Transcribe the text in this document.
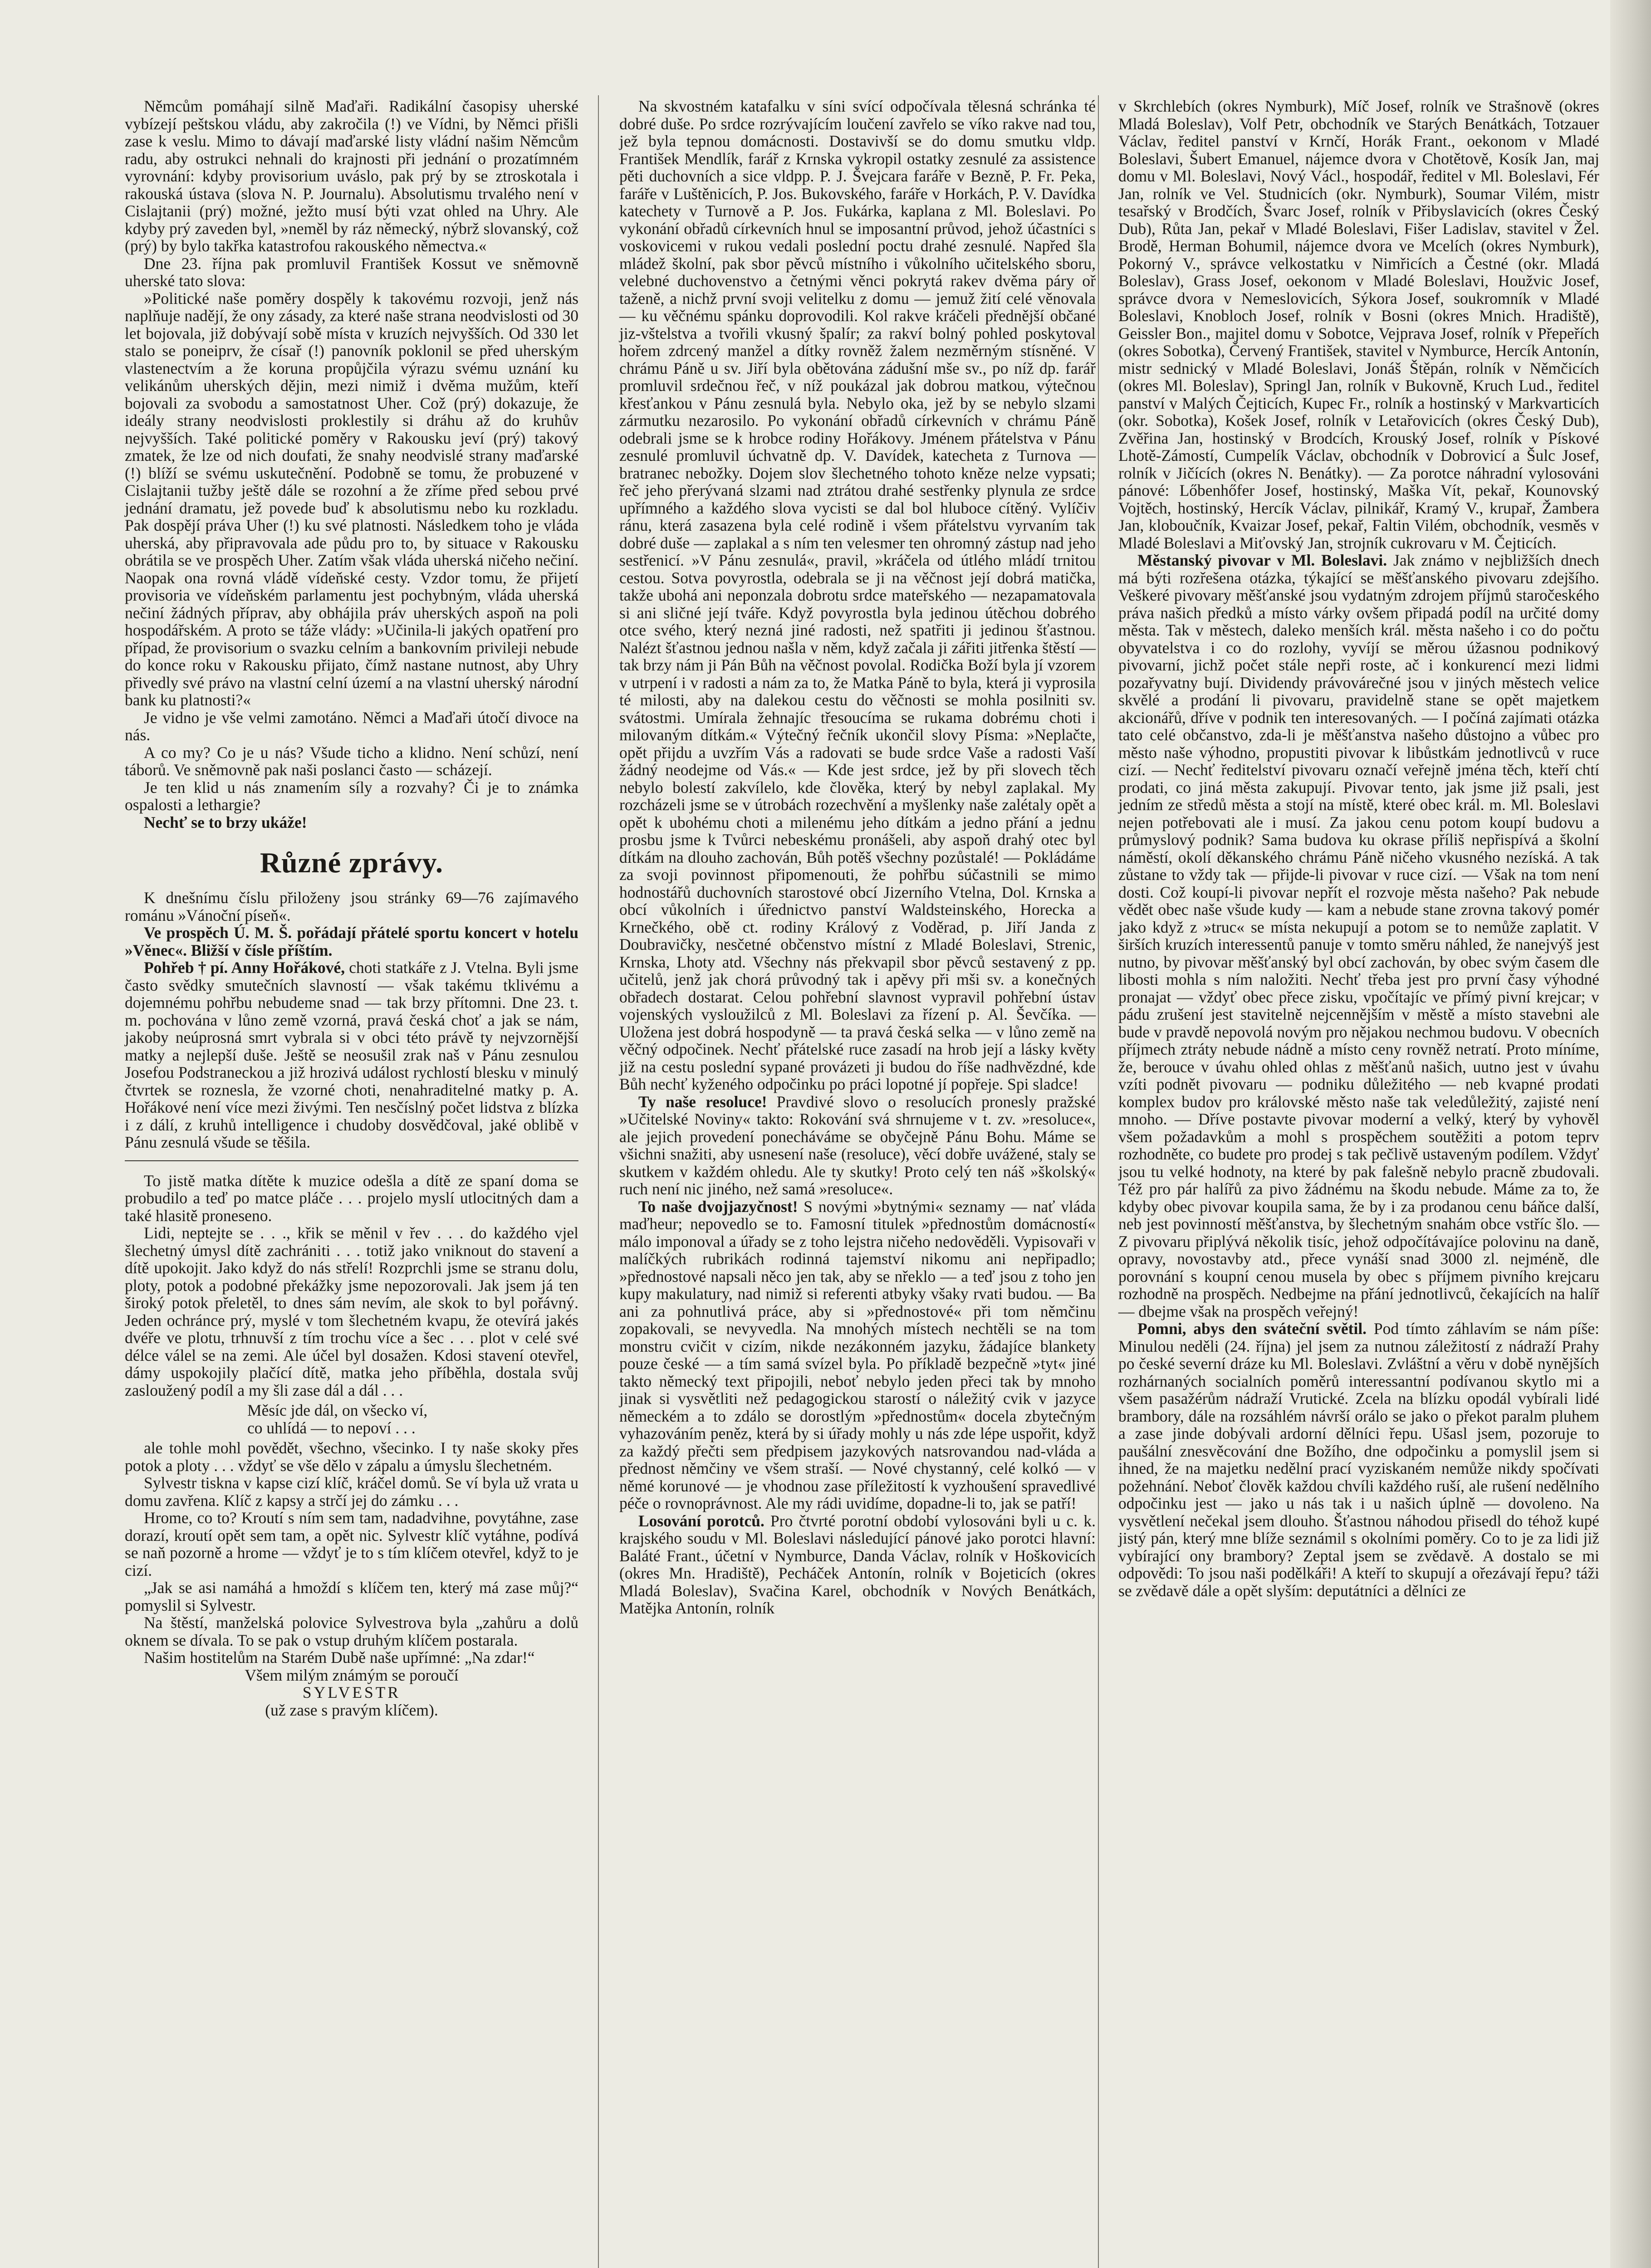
Němcům pomáhají silně Maďaři. Radikální časopisy uherské vybízejí peštskou vládu, aby zakročila (!) ve Vídni, by Němci přišli zase k veslu. Mimo to dávají maďarské listy vládní našim Němcům radu, aby ostrukci nehnali do krajnosti při jednání o prozatímném vyrovnání: kdyby provisorium uváslo, pak prý by se ztroskotala i rakouská ústava (slova N. P. Journalu). Absolutismu trvalého není v Cislajtanii (prý) možné, ježto musí býti vzat ohled na Uhry. Ale kdyby prý zaveden byl, »neměl by ráz německý, nýbrž slovanský, což (prý) by bylo takřka katastrofou rakouského němectva.«

Dne 23. října pak promluvil František Kossut ve sněmovně uherské tato slova:

»Politické naše poměry dospěly k takovému rozvoji, jenž nás naplňuje nadějí, že ony zásady, za které naše strana neodvislosti od 30 let bojovala, již dobývají sobě místa v kruzích nejvyšších. Od 330 let stalo se poneiprv, že císař (!) panovník poklonil se před uherským vlastenectvím a že koruna propůjčila výrazu svému uznání ku velikánům uherských dějin, mezi nimiž i dvěma mužům, kteří bojovali za svobodu a samostatnost Uher. Což (prý) dokazuje, že ideály strany neodvislosti proklestily si dráhu až do kruhův nejvyšších. Také politické poměry v Rakousku jeví (prý) takový zmatek, že lze od nich doufati, že snahy neodvislé strany maďarské (!) blíží se svému uskutečnění. Podobně se tomu, že probuzené v Cislajtanii tužby ještě dále se rozohní a že zříme před sebou prvé jednání dramatu, jež povede buď k absolutismu nebo ku rozkladu. Pak dospějí práva Uher (!) ku své platnosti. Následkem toho je vláda uherská, aby připravovala ade půdu pro to, by situace v Rakousku obrátila se ve prospěch Uher. Zatím však vláda uherská ničeho nečiní. Naopak ona rovná vládě vídeňské cesty. Vzdor tomu, že přijetí provisoria ve vídeňském parlamentu jest pochybným, vláda uherská nečiní žádných příprav, aby obhájila práv uherských aspoň na poli hospodářském. A proto se táže vlády: »Učinila-li jakých opatření pro případ, že provisorium o svazku celním a bankovním privileji nebude do konce roku v Rakousku přijato, čímž nastane nutnost, aby Uhry přivedly své právo na vlastní celní území a na vlastní uherský národní bank ku platnosti?«

Je vidno je vše velmi zamotáno. Němci a Maďaři útočí divoce na nás.

A co my? Co je u nás? Všude ticho a klidno. Není schůzí, není táborů. Ve sněmovně pak naši poslanci často — scházejí.

Je ten klid u nás znamením síly a rozvahy? Či je to známka ospalosti a lethargie?

Nechť se to brzy ukáže!

Různé zprávy.

K dnešnímu číslu přiloženy jsou stránky 69—76 zajímavého románu »Vánoční píseň«.

Ve prospěch Ú. M. Š. pořádají přátelé sportu koncert v hotelu »Věnec«. Bližší v čísle příštím.

Pohřeb † pí. Anny Hořákové, choti statkáře z J. Vtelna. Byli jsme často svědky smutečních slavností — však takému tklivému a dojemnému pohřbu nebudeme snad — tak brzy přítomni. Dne 23. t. m. pochována v lůno země vzorná, pravá česká choť a jak se nám, jakoby neúprosná smrt vybrala si v obci této právě ty nejvzornější matky a nejlepší duše. Ještě se neosušil zrak naš v Pánu zesnulou Josefou Podstraneckou a již hrozivá událost rychlostí blesku v minulý čtvrtek se roznesla, že vzorné choti, nenahraditelné matky p. A. Hořákové není více mezi živými. Ten nesčíslný počet lidstva z blízka i z dálí, z kruhů intelligence i chudoby dosvědčoval, jaké oblibě v Pánu zesnulá všude se těšila.

To jistě matka dítěte k muzice odešla a dítě ze spaní doma se probudilo a teď po matce pláče . . . projelo myslí utlocitných dam a také hlasitě proneseno.

Lidi, neptejte se . . ., křik se měnil v řev . . . do každého vjel šlechetný úmysl dítě zachrániti . . . totiž jako vniknout do stavení a dítě upokojit. Jako když do nás střelí! Rozprchli jsme se stranu dolu, ploty, potok a podobné překážky jsme nepozorovali. Jak jsem já ten široký potok přeletěl, to dnes sám nevím, ale skok to byl pořávný. Jeden ochránce prý, myslé v tom šlechetném kvapu, že otevírá jakés dvéře ve plotu, trhnuvší z tím trochu více a šec . . . plot v celé své délce válel se na zemi. Ale účel byl dosažen. Kdosi stavení otevřel, dámy uspokojily plačící dítě, matka jeho příběhla, dostala svůj zasloužený podíl a my šli zase dál a dál . . .

Měsíc jde dál, on všecko ví,
co uhlídá — to nepoví . . .

ale tohle mohl povědět, všechno, všecinko. I ty naše skoky přes potok a ploty . . . vždyť se vše dělo v zápalu a úmyslu šlechetném.

Sylvestr tiskna v kapse cizí klíč, kráčel domů. Se ví byla už vrata u domu zavřena. Klíč z kapsy a strčí jej do zámku . . .

Hrome, co to? Kroutí s ním sem tam, nadadvihne, povytáhne, zase dorazí, kroutí opět sem tam, a opět nic. Sylvestr klíč vytáhne, podívá se naň pozorně a hrome — vždyť je to s tím klíčem otevřel, když to je cizí.

„Jak se asi namáhá a hmoždí s klíčem ten, který má zase můj?“ pomyslil si Sylvestr.

Na štěstí, manželská polovice Sylvestrova byla „zahůru a dolů oknem se dívala. To se pak o vstup druhým klíčem postarala.

Našim hostitelům na Starém Dubě naše upřímné: „Na zdar!“

Všem milým známým se poroučí

SYLVESTR

(už zase s pravým klíčem).

Na skvostném katafalku v síni svící odpočívala tělesná schránka té dobré duše. Po srdce rozrývajícím loučení zavřelo se víko rakve nad tou, jež byla tepnou domácnosti. Dostavivší se do domu smutku vldp. František Mendlík, farář z Krnska vykropil ostatky zesnulé za assistence pěti duchovních a sice vldpp. P. J. Švejcara faráře v Bezně, P. Fr. Peka, faráře v Luštěnicích, P. Jos. Bukovského, faráře v Horkách, P. V. Davídka katechety v Turnově a P. Jos. Fukárka, kaplana z Ml. Boleslavi. Po vykonání obřadů církevních hnul se imposantní průvod, jehož účastníci s voskovicemi v rukou vedali poslední poctu drahé zesnulé. Napřed šla mládež školní, pak sbor pěvců místního i vůkolního učitelského sboru, velebné duchovenstvo a četnými věnci pokrytá rakev dvěma páry oř taženě, a nichž první svoji velitelku z domu — jemuž žití celé věnovala — ku věčnému spánku doprovodili. Kol rakve kráčeli přednější občané jiz-vštelstva a tvořili vkusný špalír; za rakví bolný pohled poskytoval hořem zdrcený manžel a dítky rovněž žalem nezměrným stísněné. V chrámu Páně u sv. Jiří byla obětována zádušní mše sv., po níž dp. farář promluvil srdečnou řeč, v níž poukázal jak dobrou matkou, výtečnou křesťankou v Pánu zesnulá byla. Nebylo oka, jež by se nebylo slzami zármutku nezarosilo. Po vykonání obřadů církevních v chrámu Páně odebrali jsme se k hrobce rodiny Hořákovy. Jménem přátelstva v Pánu zesnulé promluvil úchvatně dp. V. Davídek, katecheta z Turnova — bratranec nebožky. Dojem slov šlechetného tohoto kněze nelze vypsati; řeč jeho přerývaná slzami nad ztrátou drahé sestřenky plynula ze srdce upřímného a každého slova vycisti se dal bol hluboce cítěný. Vylíčiv ránu, která zasazena byla celé rodině i všem přátelstvu vyrvaním tak dobré duše — zaplakal a s ním ten velesmer ten ohromný zástup nad jeho sestřenicí. »V Pánu zesnulá«, pravil, »kráčela od útlého mládí trnitou cestou. Sotva povyrostla, odebrala se ji na věčnost její dobrá matička, takže ubohá ani neponzala dobrotu srdce mateřského — nezapamatovala si ani sličné její tváře. Když povyrostla byla jedinou útěchou dobrého otce svého, který nezná jiné radosti, než spatřiti ji jedinou šťastnou. Nalézt šťastnou jednou našla v něm, když začala ji zářiti jitřenka štěstí — tak brzy nám ji Pán Bůh na věčnost povolal. Rodička Boží byla jí vzorem v utrpení i v radosti a nám za to, že Matka Páně to byla, která ji vyprosila té milosti, aby na dalekou cestu do věčnosti se mohla posilniti sv. svátostmi. Umírala žehnajíc třesoucíma se rukama dobrému choti i milovaným dítkám.« Výtečný řečník ukončil slovy Písma: »Neplačte, opět přijdu a uvzřím Vás a radovati se bude srdce Vaše a radosti Vaší žádný neodejme od Vás.« — Kde jest srdce, jež by při slovech těch nebylo bolestí zakvílelo, kde člověka, který by nebyl zaplakal. My rozcházeli jsme se v útrobách rozechvění a myšlenky naše zalétaly opět a opět k ubohému choti a milenému jeho dítkám a jedno přání a jednu prosbu jsme k Tvůrci nebeskému pronášeli, aby aspoň drahý otec byl dítkám na dlouho zachován, Bůh potěš všechny pozůstalé! — Pokládáme za svoji povinnost připomenouti, že pohřbu súčastnili se mimo hodnostářů duchovních starostové obcí Jizerního Vtelna, Dol. Krnska a obcí vůkolních i úřednictvo panství Waldsteinského, Horecka a Krnečkého, obě ct. rodiny Králový z Voděrad, p. Jiří Janda z Doubravičky, nesčetné občenstvo místní z Mladé Boleslavi, Strenic, Krnska, Lhoty atd. Všechny nás překvapil sbor pěvců sestavený z pp. učitelů, jenž jak chorá průvodný tak i apěvy při mši sv. a konečných obřadech dostarat. Celou pohřební slavnost vypravil pohřební ústav vojenských vysloužilců z Ml. Boleslavi za řízení p. Al. Ševčíka. — Uložena jest dobrá hospodyně — ta pravá česká selka — v lůno země na věčný odpočinek. Nechť přátelské ruce zasadí na hrob její a lásky květy již na cestu poslední sypané provázeti ji budou do říše nadhvězdné, kde Bůh nechť kyženého odpočinku po práci lopotné jí popřeje. Spi sladce!

Ty naše resoluce! Pravdivé slovo o resolucích pronesly pražské »Učitelské Noviny« takto: Rokování svá shrnujeme v t. zv. »resoluce«, ale jejich provedení ponecháváme se obyčejně Pánu Bohu. Máme se všichni snažiti, aby usnesení naše (resoluce), věcí dobře uvážené, staly se skutkem v každém ohledu. Ale ty skutky! Proto celý ten náš »školský« ruch není nic jiného, než samá »resoluce«.

To naše dvojjazyčnost! S novými »bytnými« seznamy — nať vláda maďheur; nepovedlo se to. Famosní titulek »přednostům domácností« málo imponoval a úřady se z toho lejstra ničeho nedověděli. Vypisovaři v malíčkých rubrikách rodinná tajemství nikomu ani nepřipadlo; »přednostové napsali něco jen tak, aby se nřeklo — a teď jsou z toho jen kupy makulatury, nad nimiž si referenti atbyky všaky rvati budou. — Ba ani za pohnutlivá práce, aby si »přednostové« při tom němčinu zopakovali, se nevyvedla. Na mnohých místech nechtěli se na tom monstru cvičit v cizím, nikde nezákonném jazyku, žádajíce blankety pouze české — a tím samá svízel byla. Po příkladě bezpečně »tyt« jiné takto německý text připojili, neboť nebylo jeden přeci tak by mnoho jinak si vysvětliti než pedagogickou starostí o náležitý cvik v jazyce německém a to zdálo se dorostlým »přednostům« docela zbytečným vyhazováním peněz, která by si úřady mohly u nás zde lépe uspořit, když za každý přečti sem předpisem jazykových natsrovandou nad-vláda a přednost němčiny ve všem straší. — Nové chystanný, celé kolkó — v němé korunové — je vhodnou zase příležitostí k vyzhoušení spravedlivé péče o rovnoprávnost. Ale my rádi uvidíme, dopadne-li to, jak se patří!

Losování porotců. Pro čtvrté porotní období vylosováni byli u c. k. krajského soudu v Ml. Boleslavi následující pánové jako porotci hlavní: Baláté Frant., účetní v Nymburce, Danda Václav, rolník v Hoškovicích (okres Mn. Hradiště), Pecháček Antonín, rolník v Bojeticích (okres Mladá Boleslav), Svačina Karel, obchodník v Nových Benátkách, Matějka Antonín, rolník

v Skrchlebích (okres Nymburk), Míč Josef, rolník ve Strašnově (okres Mladá Boleslav), Volf Petr, obchodník ve Starých Benátkách, Totzauer Václav, ředitel panství v Krnčí, Horák Frant., oekonom v Mladé Boleslavi, Šubert Emanuel, nájemce dvora v Chotětově, Kosík Jan, maj domu v Ml. Boleslavi, Nový Václ., hospodář, ředitel v Ml. Boleslavi, Fér Jan, rolník ve Vel. Studnicích (okr. Nymburk), Soumar Vilém, mistr tesařský v Brodčích, Švarc Josef, rolník v Přibyslavicích (okres Český Dub), Růta Jan, pekař v Mladé Boleslavi, Fišer Ladislav, stavitel v Žel. Brodě, Herman Bohumil, nájemce dvora ve Mcelích (okres Nymburk), Pokorný V., správce velkostatku v Nimřicích a Čestné (okr. Mladá Boleslav), Grass Josef, oekonom v Mladé Boleslavi, Houžvic Josef, správce dvora v Nemeslovicích, Sýkora Josef, soukromník v Mladé Boleslavi, Knobloch Josef, rolník v Bosni (okres Mnich. Hradiště), Geissler Bon., majitel domu v Sobotce, Vejprava Josef, rolník v Přepeřích (okres Sobotka), Červený František, stavitel v Nymburce, Hercík Antonín, mistr sednický v Mladé Boleslavi, Jonáš Štěpán, rolník v Němčicích (okres Ml. Boleslav), Springl Jan, rolník v Bukovně, Kruch Lud., ředitel panství v Malých Čejticích, Kupec Fr., rolník a hostinský v Markvarticích (okr. Sobotka), Košek Josef, rolník v Letařovicích (okres Český Dub), Zvěřina Jan, hostinský v Brodcích, Krouský Josef, rolník v Pískové Lhotě-Zámostí, Cumpelík Václav, obchodník v Dobrovicí a Šulc Josef, rolník v Jičících (okres N. Benátky). — Za porotce náhradní vylosováni pánové: Lőbenhőfer Josef, hostinský, Maška Vít, pekař, Kounovský Vojtěch, hostinský, Hercík Václav, pilnikář, Kramý V., krupař, Žambera Jan, kloboučník, Kvaizar Josef, pekař, Faltin Vilém, obchodník, vesměs v Mladé Boleslavi a Miťovský Jan, strojník cukrovaru v M. Čejticích.

Městanský pivovar v Ml. Boleslavi. Jak známo v nejbližších dnech má býti rozřešena otázka, týkající se měšťanského pivovaru zdejšího. Veškeré pivovary měšťanské jsou vydatným zdrojem příjmů staročeského práva našich předků a místo várky ovšem připadá podíl na určité domy města. Tak v městech, daleko menších král. města našeho i co do počtu obyvatelstva i co do rozlohy, vyvíjí se měrou úžasnou podnikový pivovarní, jichž počet stále nepři roste, ač i konkurencí mezi lidmi pozařyvatny bují. Dividendy právovárečné jsou v jiných městech velice skvělé a prodání li pivovaru, pravidelně stane se opět majetkem akcionářů, dříve v podnik ten interesovaných. — I počíná zajímati otázka tato celé občanstvo, zda-li je měšťanstva našeho důstojno a vůbec pro město naše výhodno, propustiti pivovar k libůstkám jednotlivců v ruce cizí. — Nechť ředitelství pivovaru označí veřejně jména těch, kteří chtí prodati, co jiná města zakupují. Pivovar tento, jak jsme již psali, jest jedním ze středů města a stojí na místě, které obec král. m. Ml. Boleslavi nejen potřebovati ale i musí. Za jakou cenu potom koupí budovu a průmyslový podnik? Sama budova ku okrase příliš nepřispívá a školní náměstí, okolí děkanského chrámu Páně ničeho vkusného nezíská. A tak zůstane to vždy tak — přijde-li pivovar v ruce cizí. — Však na tom není dosti. Což koupí-li pivovar nepřít el rozvoje města našeho? Pak nebude vědět obec naše všude kudy — kam a nebude stane zrovna takový pomér jako když z »truc« se místa nekupují a potom se to nemůže zaplatit. V širších kruzích interessentů panuje v tomto směru náhled, že nanejvýš jest nutno, by pivovar měšťanský byl obcí zachován, by obec svým časem dle libosti mohla s ním naložiti. Nechť třeba jest pro první časy výhodné pronajat — vždyť obec přece zisku, vpočítajíc ve přímý pivní krejcar; v pádu zrušení jest stavitelně nejcennějším v městě a místo stavebni ale bude v pravdě nepovolá novým pro nějakou nechmou budovu. V obecních příjmech ztráty nebude nádně a místo ceny rovněž netratí. Proto míníme, že, berouce v úvahu ohled ohlas z měšťanů našich, uutno jest v úvahu vzíti podnět pivovaru — podniku důležitého — neb kvapné prodati komplex budov pro královské město naše tak veledůležitý, zajisté není mnoho. — Dříve postavte pivovar moderní a velký, který by vyhověl všem požadavkům a mohl s prospěchem soutěžiti a potom teprv rozhodněte, co budete pro prodej s tak pečlivě ustaveným podílem. Vždyť jsou tu velké hodnoty, na které by pak falešně nebylo pracně zbudovali. Též pro pár halířů za pivo žádnému na škodu nebude. Máme za to, že kdyby obec pivovar koupila sama, že by i za prodanou cenu báňce další, neb jest povinností měšťanstva, by šlechetným snahám obce vstříc šlo. — Z pivovaru připlývá několik tisíc, jehož odpočítávajíce polovinu na daně, opravy, novostavby atd., přece vynáší snad 3000 zl. nejméně, dle porovnání s koupní cenou musela by obec s příjmem pivního krejcaru rozhodně na prospěch. Nedbejme na přání jednotlivců, čekajících na halíř — dbejme však na prospěch veřejný!

Pomni, abys den sváteční světil. Pod tímto záhlavím se nám píše: Minulou neděli (24. října) jel jsem za nutnou záležitostí z nádraží Prahy po české severní dráze ku Ml. Boleslavi. Zvláštní a věru v době nynějších rozhárnaných socialních poměrů interessantní podívanou skytlo mi a všem pasažérům nádraží Vrutické. Zcela na blízku opodál vybírali lidé brambory, dále na rozsáhlém návrší orálo se jako o překot paralm pluhem a zase jinde dobývali ardorní dělníci řepu. Ušasl jsem, pozoruje to paušální znesvěcování dne Božího, dne odpočinku a pomyslil jsem si ihned, že na majetku nedělní prací vyziskaném nemůže nikdy spočívati požehnání. Neboť člověk každou chvíli každého ruší, ale rušení nedělního odpočinku jest — jako u nás tak i u našich úplně — dovoleno. Na vysvětlení nečekal jsem dlouho. Šťastnou náhodou přisedl do téhož kupé jistý pán, který mne blíže seznámil s okolními poměry. Co to je za lidi již vybírající ony brambory? Zeptal jsem se zvědavě. A dostalo se mi odpovědi: To jsou naši podělkáři! A kteří to skupují a ořezávají řepu? táži se zvědavě dále a opět slyším: deputátníci a dělníci ze
